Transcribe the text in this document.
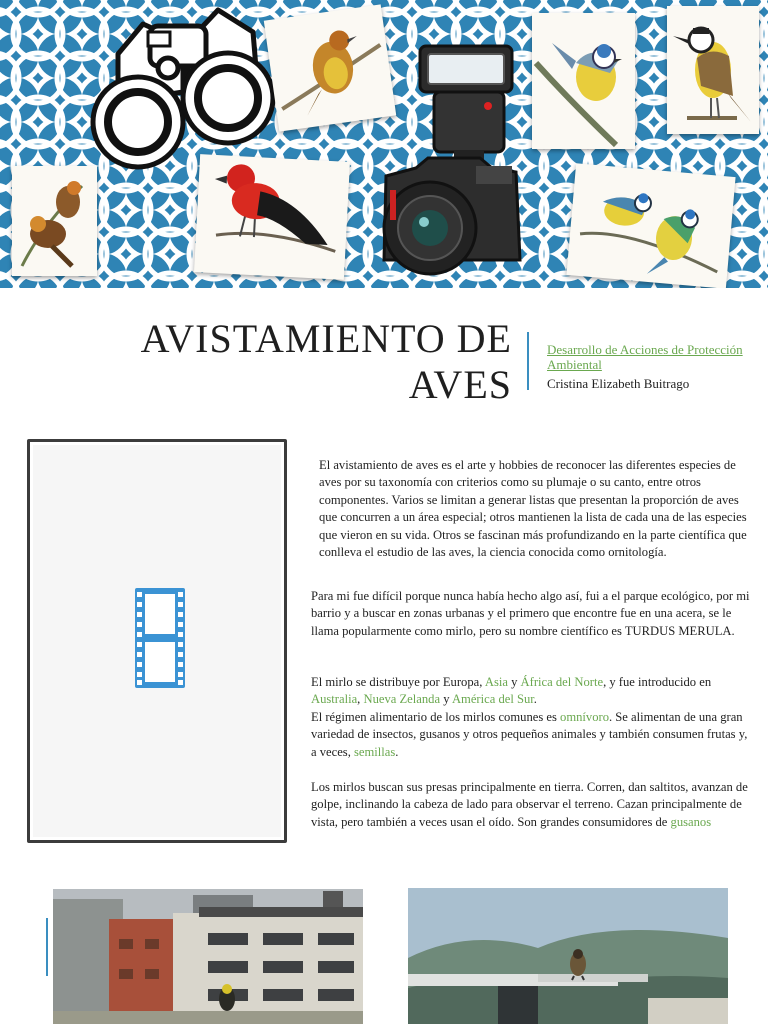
AVISTAMIENTO DE
AVES
Desarrollo de Acciones de Protección Ambiental
Cristina Elizabeth Buitrago
El avistamiento de aves es el arte y hobbies de reconocer las diferentes especies de aves por su taxonomía con criterios como su plumaje o su canto, entre otros componentes. Varios se limitan a generar listas que presentan la proporción de aves que concurren a un área especial; otros mantienen la lista de cada una de las especies que vieron en su vida. Otros se fascinan más profundizando en la parte científica que conlleva el estudio de las aves, la ciencia conocida como ornitología.
Para mi fue difícil porque nunca había hecho algo así, fui a el parque ecológico, por mi barrio y a buscar en zonas urbanas y el primero que encontre fue en una acera, se le llama popularmente como mirlo, pero su nombre científico es TURDUS MERULA.
El mirlo se distribuye por Europa, Asia y África del Norte, y fue introducido en Australia, Nueva Zelanda y América del Sur.
El régimen alimentario de los mirlos comunes es omnívoro. Se alimentan de una gran variedad de insectos, gusanos y otros pequeños animales y también consumen frutas y, a veces, semillas.
Los mirlos buscan sus presas principalmente en tierra. Corren, dan saltitos, avanzan de golpe, inclinando la cabeza de lado para observar el terreno. Cazan principalmente de vista, pero también a veces usan el oído. Son grandes consumidores de gusanos
